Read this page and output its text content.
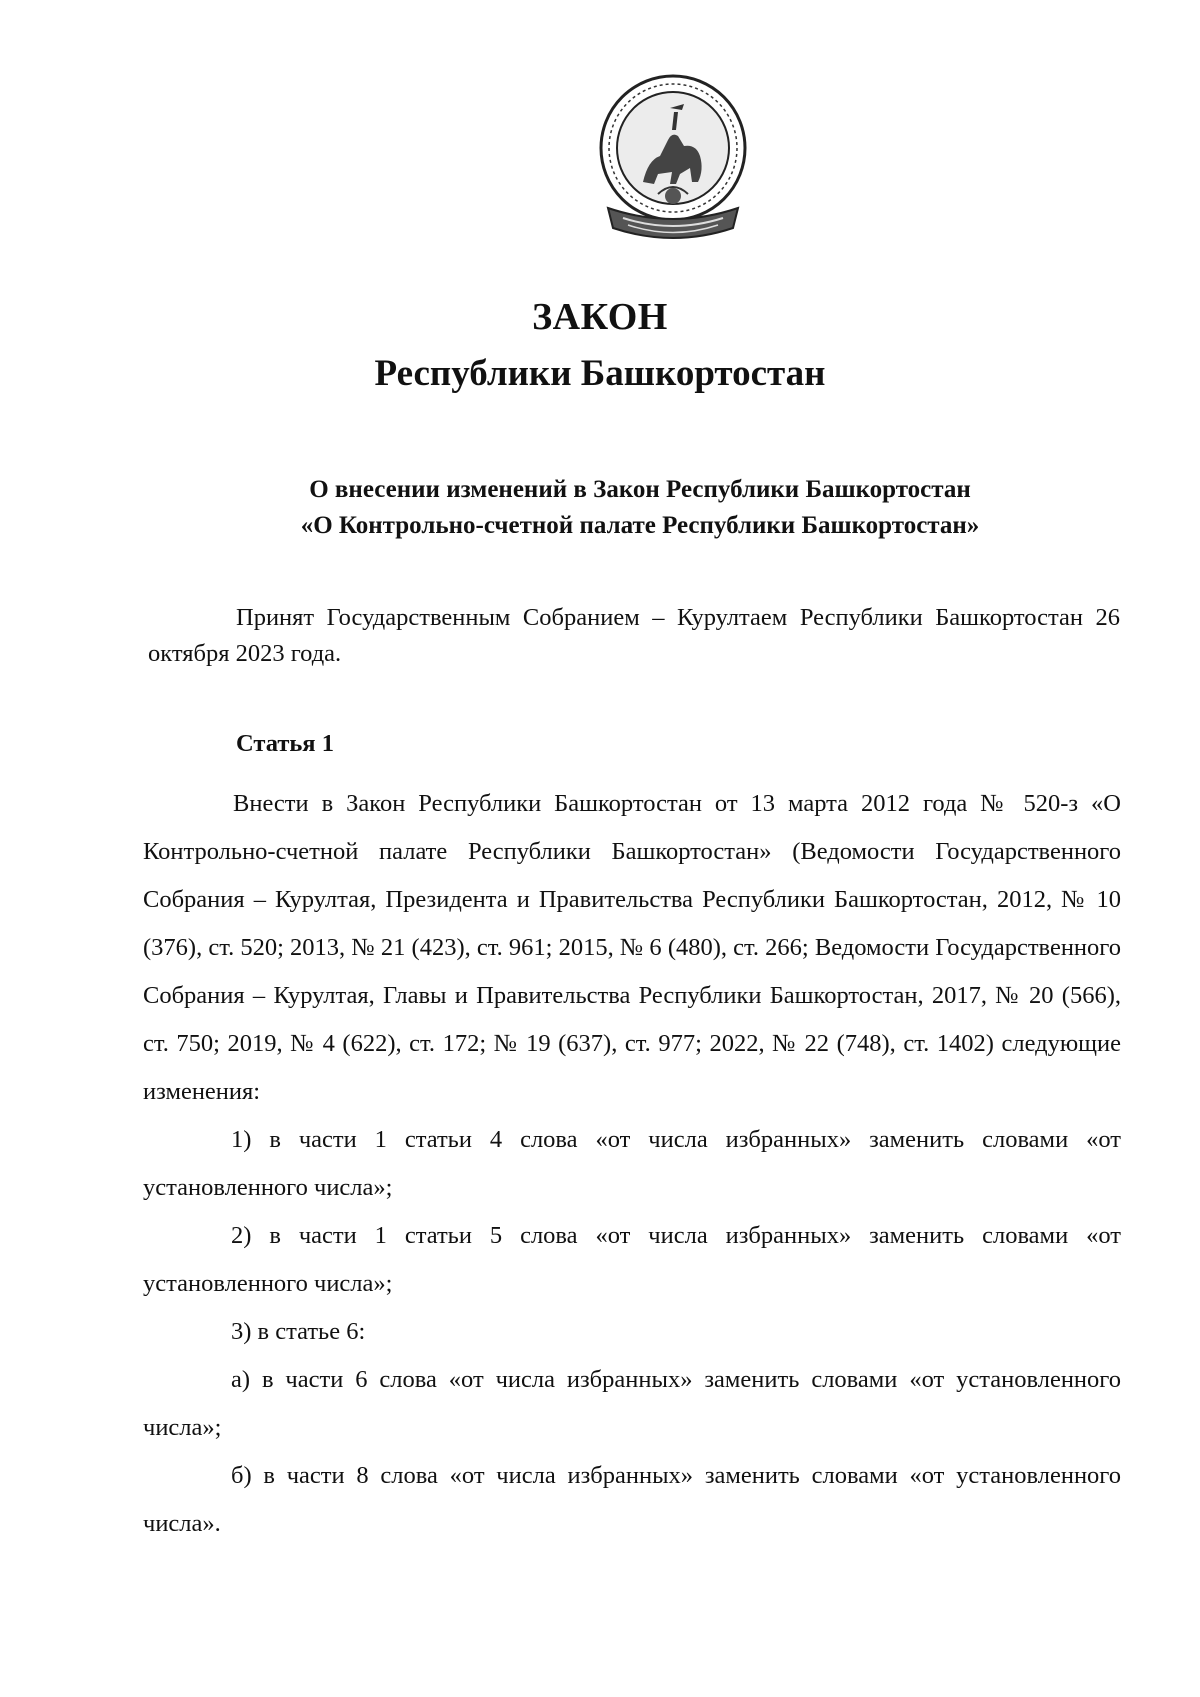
ЗАКОН
Республики Башкортостан
О внесении изменений в Закон Республики Башкортостан
«О Контрольно-счетной палате Республики Башкортостан»

Принят Государственным Собранием – Курултаем Республики Башкортостан 26 октября 2023 года.

Статья 1

Внести в Закон Республики Башкортостан от 13 марта 2012 года № 520-з «О Контрольно-счетной палате Республики Башкортостан» (Ведомости Государственного Собрания – Курултая, Президента и Правительства Республики Башкортостан, 2012, № 10 (376), ст. 520; 2013, № 21 (423), ст. 961; 2015, № 6 (480), ст. 266; Ведомости Государственного Собрания – Курултая, Главы и Правительства Республики Башкортостан, 2017, № 20 (566), ст. 750; 2019, № 4 (622), ст. 172; № 19 (637), ст. 977; 2022, № 22 (748), ст. 1402) следующие изменения:

1) в части 1 статьи 4 слова «от числа избранных» заменить словами «от установленного числа»;

2) в части 1 статьи 5 слова «от числа избранных» заменить словами «от установленного числа»;

3) в статье 6:

а) в части 6 слова «от числа избранных» заменить словами «от установленного числа»;

б) в части 8 слова «от числа избранных» заменить словами «от установленного числа».
